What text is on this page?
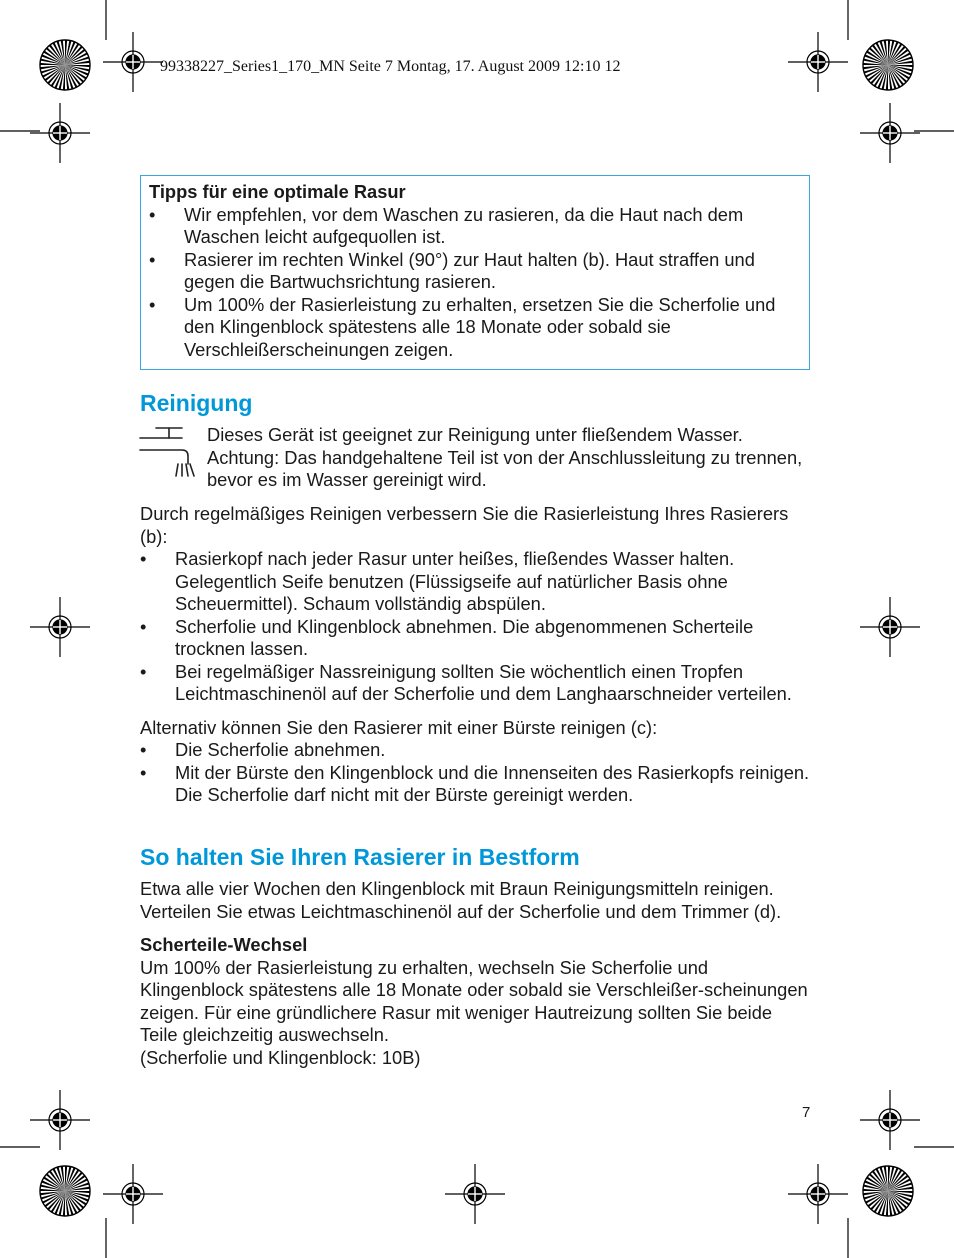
99338227_Series1_170_MN Seite 7 Montag, 17. August 2009 12:10 12
Tipps für eine optimale Rasur
• Wir empfehlen, vor dem Waschen zu rasieren, da die Haut nach dem Waschen leicht aufgequollen ist.
• Rasierer im rechten Winkel (90°) zur Haut halten (b). Haut straffen und gegen die Bartwuchsrichtung rasieren.
• Um 100% der Rasierleistung zu erhalten, ersetzen Sie die Scherfolie und den Klingenblock spätestens alle 18 Monate oder sobald sie Verschleißerscheinungen zeigen.
Reinigung
Dieses Gerät ist geeignet zur Reinigung unter fließendem Wasser. Achtung: Das handgehaltene Teil ist von der Anschlussleitung zu trennen, bevor es im Wasser gereinigt wird.

Durch regelmäßiges Reinigen verbessern Sie die Rasierleistung Ihres Rasierers (b):

• Rasierkopf nach jeder Rasur unter heißes, fließendes Wasser halten. Gelegentlich Seife benutzen (Flüssigseife auf natürlicher Basis ohne Scheuermittel). Schaum vollständig abspülen.
• Scherfolie und Klingenblock abnehmen. Die abgenommenen Scherteile trocknen lassen.
• Bei regelmäßiger Nassreinigung sollten Sie wöchentlich einen Tropfen Leichtmaschinenöl auf der Scherfolie und dem Langhaarschneider verteilen.

Alternativ können Sie den Rasierer mit einer Bürste reinigen (c):

• Die Scherfolie abnehmen.
• Mit der Bürste den Klingenblock und die Innenseiten des Rasierkopfs reinigen. Die Scherfolie darf nicht mit der Bürste gereinigt werden.
So halten Sie Ihren Rasierer in Bestform

Etwa alle vier Wochen den Klingenblock mit Braun Reinigungsmitteln reinigen. Verteilen Sie etwas Leichtmaschinenöl auf der Scherfolie und dem Trimmer (d).

Scherteile-Wechsel

Um 100% der Rasierleistung zu erhalten, wechseln Sie Scherfolie und Klingenblock spätestens alle 18 Monate oder sobald sie Verschleißer-scheinungen zeigen. Für eine gründlichere Rasur mit weniger Hautreizung sollten Sie beide Teile gleichzeitig auswechseln.

(Scherfolie und Klingenblock: 10B)

7
